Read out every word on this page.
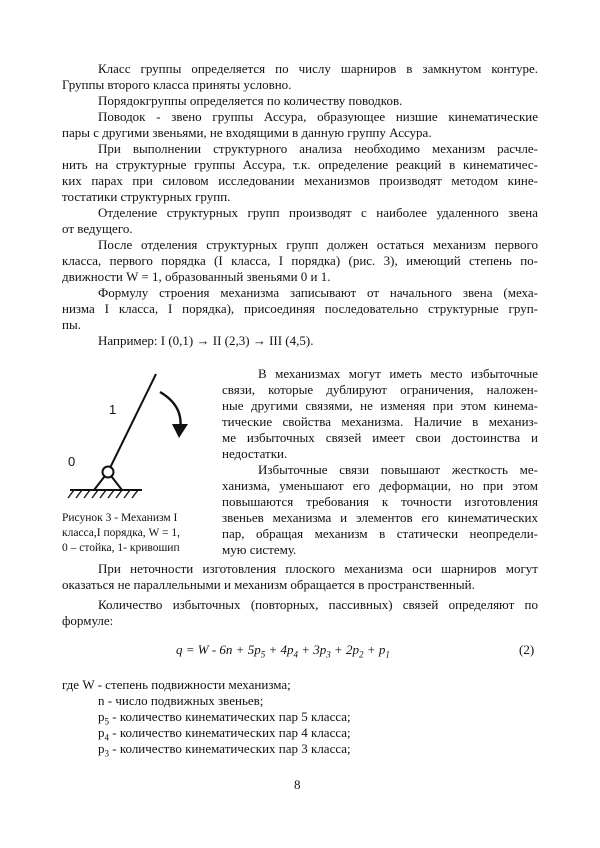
Класс группы определяется по числу шарниров в замкнутом контуре.
Группы второго класса приняты условно.
Порядокгруппы определяется по количеству поводков.
Поводок - звено группы Ассура, образующее низшие кинематические
пары с другими звеньями, не входящими в данную группу Ассура.
При выполнении структурного анализа необходимо механизм расчле-
нить на структурные группы Ассура, т.к. определение реакций в кинематичес-
ких парах при силовом исследовании механизмов производят методом кине-
тостатики структурных групп.
Отделение структурных групп производят с наиболее удаленного звена
от ведущего.
После отделения структурных групп должен остаться механизм первого
класса, первого порядка (I класса, I порядка) (рис. 3), имеющий степень по-
движности W = 1, образованный звеньями 0 и 1.
Формулу строения механизма записывают от начального звена (меха-
низма I класса, I порядка), присоединяя последовательно структурные груп-
пы.
Например: I (0,1) → II (2,3) → III (4,5).
1
0
Рисунок 3 - Механизм I
класса,I порядка, W = 1,
0 – стойка, 1- кривошип
В механизмах могут иметь место избыточные
связи, которые дублируют ограничения, наложен-
ные другими связями, не изменяя при этом кинема-
тические свойства механизма. Наличие в механиз-
ме избыточных связей имеет свои достоинства и
недостатки.
Избыточные связи повышают жесткость ме-
ханизма, уменьшают его деформации, но при этом
повышаются требования к точности изготовления
звеньев механизма и элементов его кинематических
пар, обращая механизм в статически неопредели-
мую систему.
При неточности изготовления плоского механизма оси шарниров могут
оказаться не параллельными и механизм обращается в пространственный.
Количество избыточных (повторных, пассивных) связей определяют по
формуле:
$q = W - 6n + 5p_5 + 4p_4 + 3p_3 + 2p_2 + p_1$	(2)
где W - степень подвижности механизма;
n - число подвижных звеньев;
$p_5$ - количество кинематических пар 5 класса;
$p_4$ - количество кинематических пар 4 класса;
$p_3$ - количество кинематических пар 3 класса;
8
